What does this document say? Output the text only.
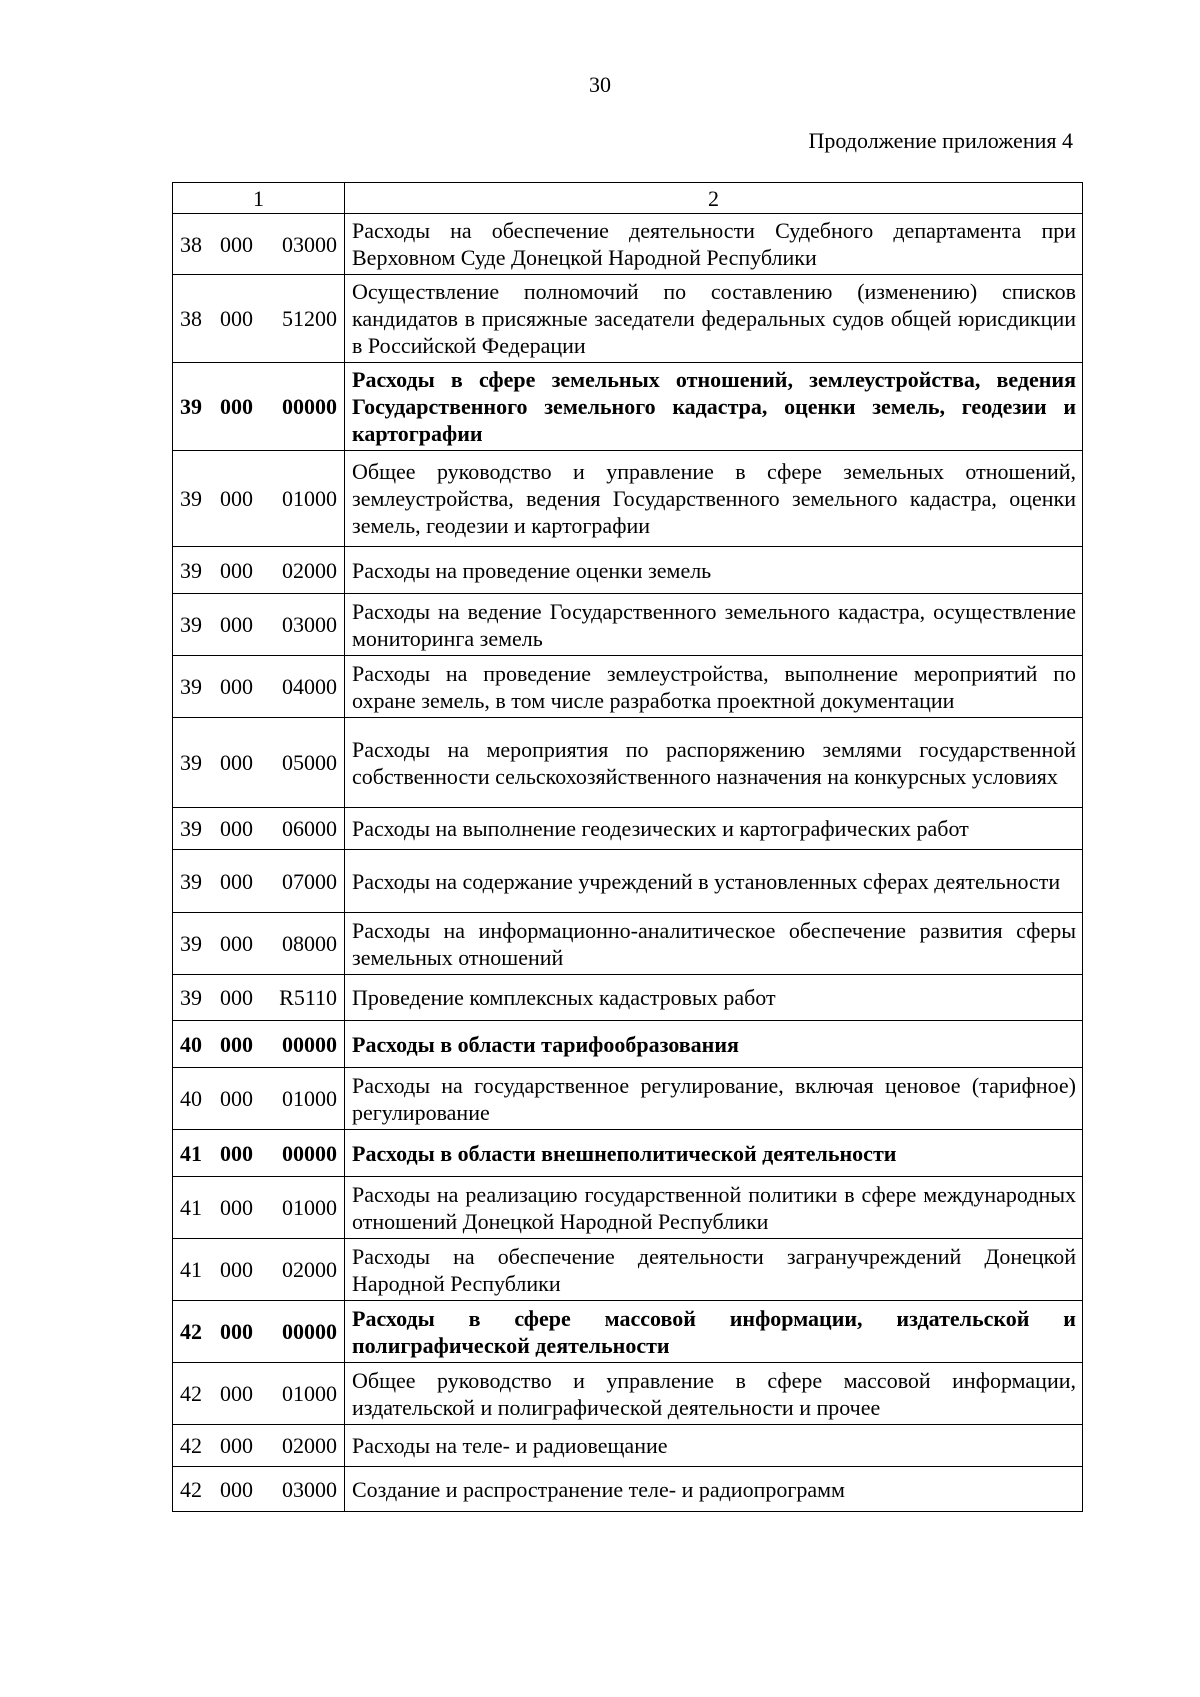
30
Продолжение приложения 4
1	2

38 000 03000	Расходы на обеспечение деятельности Судебного департамента при Верховном Суде Донецкой Народной Республики

38 000 51200	Осуществление полномочий по составлению (изменению) списков кандидатов в присяжные заседатели федеральных судов общей юрисдикции в Российской Федерации

39 000 00000	Расходы в сфере земельных отношений, землеустройства, ведения Государственного земельного кадастра, оценки земель, геодезии и картографии

39 000 01000	Общее руководство и управление в сфере земельных отношений, землеустройства, ведения Государственного земельного кадастра, оценки земель, геодезии и картографии

39 000 02000	Расходы на проведение оценки земель

39 000 03000	Расходы на ведение Государственного земельного кадастра, осуществление мониторинга земель

39 000 04000	Расходы на проведение землеустройства, выполнение мероприятий по охране земель, в том числе разработка проектной документации

39 000 05000	Расходы на мероприятия по распоряжению землями государственной собственности сельскохозяйственного назначения на конкурсных условиях

39 000 06000	Расходы на выполнение геодезических и картографических работ

39 000 07000	Расходы на содержание учреждений в установленных сферах деятельности

39 000 08000	Расходы на информационно-аналитическое обеспечение развития сферы земельных отношений

39 000 R5110	Проведение комплексных кадастровых работ

40 000 00000	Расходы в области тарифообразования

40 000 01000	Расходы на государственное регулирование, включая ценовое (тарифное) регулирование

41 000 00000	Расходы в области внешнеполитической деятельности

41 000 01000	Расходы на реализацию государственной политики в сфере международных отношений Донецкой Народной Республики

41 000 02000	Расходы на обеспечение деятельности загранучреждений Донецкой Народной Республики

42 000 00000	Расходы в сфере массовой информации, издательской и полиграфической деятельности

42 000 01000	Общее руководство и управление в сфере массовой информации, издательской и полиграфической деятельности и прочее

42 000 02000	Расходы на теле- и радиовещание

42 000 03000	Создание и распространение теле- и радиопрограмм
